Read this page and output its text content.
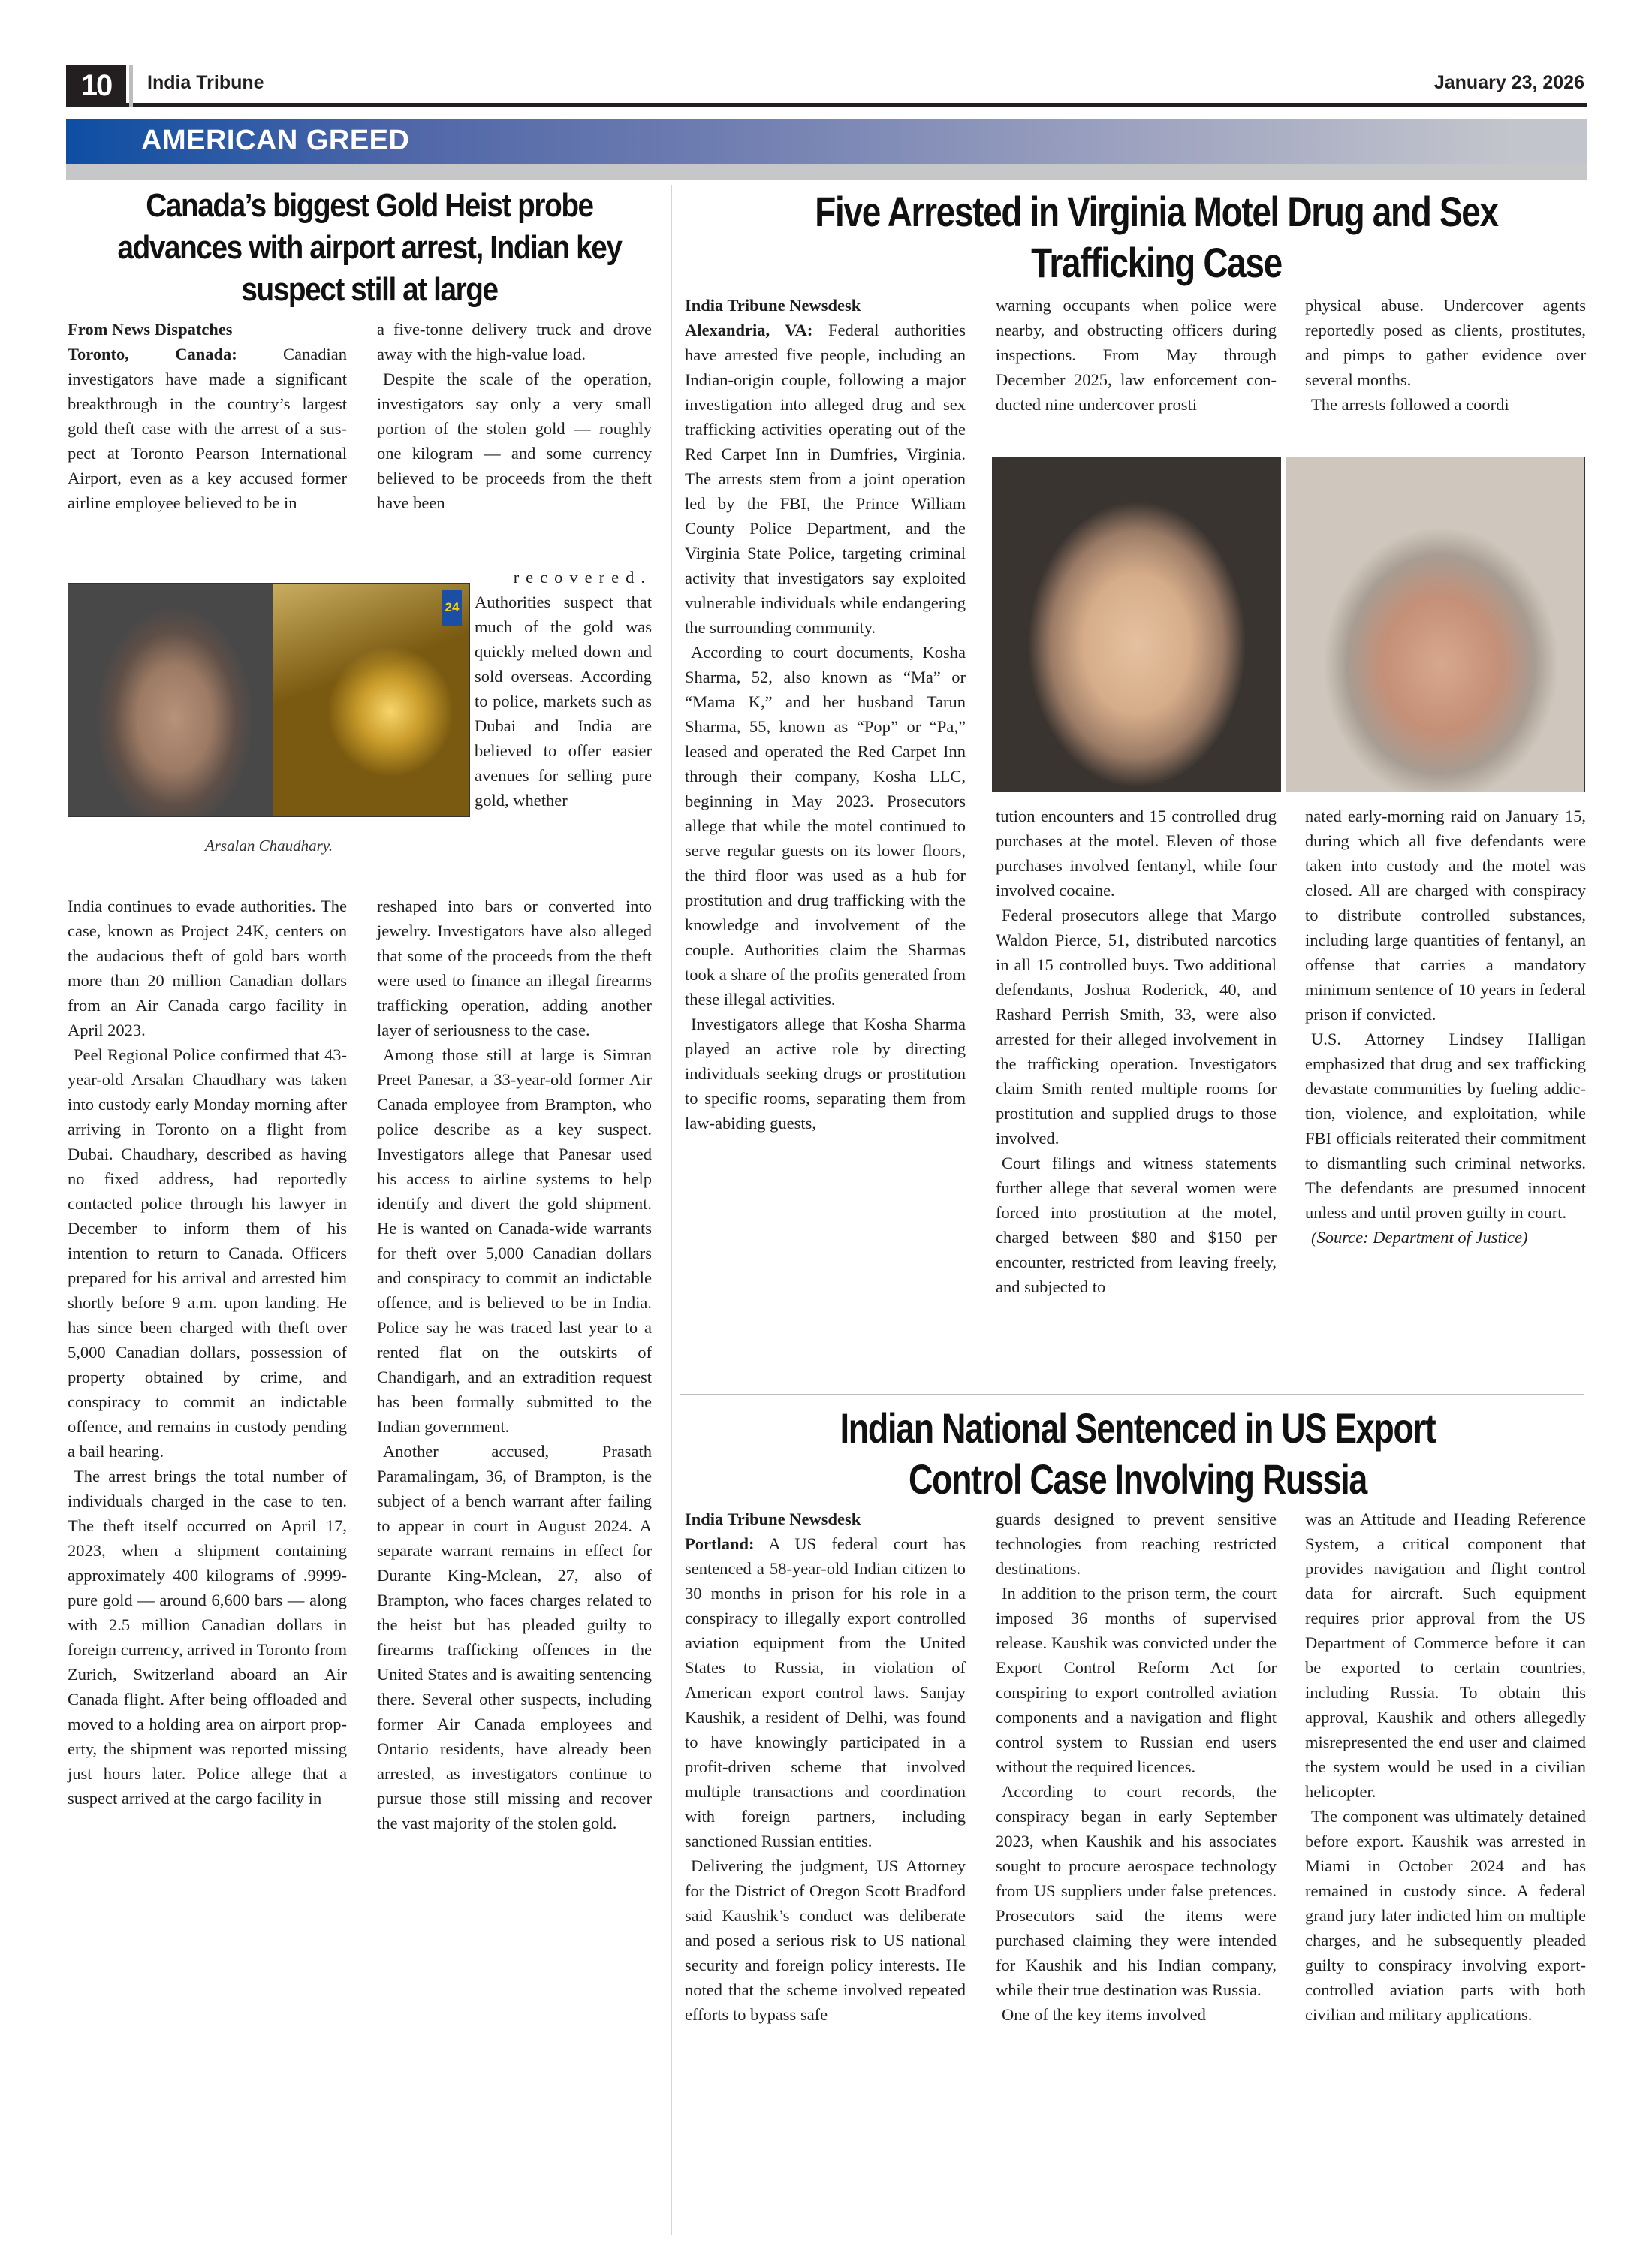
10	India Tribune	January 23, 2026
AMERICAN GREED
Canada’s biggest Gold Heist probe advances with airport arrest, Indian key suspect still at large
From News Dispatches

Toronto, Canada: Canadian investigators have made a significant breakthrough in the country’s largest gold theft case with the arrest of a suspect at Toronto Pearson International Airport, even as a key accused former airline employee believed to be in

a five-tonne delivery truck and drove away with the high-value load.

Despite the scale of the operation, investigators say only a very small portion of the stolen gold — roughly one kilogram — and some currency believed to be proceeds from the theft have been

recovered.
Authorities suspect that much of the gold was quickly melted down and sold overseas. According to police, markets such as Dubai and India are believed to offer easier avenues for selling pure gold, whether
24
Arsalan Chaudhary.

India continues to evade authorities. The case, known as Project 24K, centers on the audacious theft of gold bars worth more than 20 million Canadian dollars from an Air Canada cargo facility in April 2023.

Peel Regional Police confirmed that 43-year-old Arsalan Chaudhary was taken into custody early Monday morning after arriving in Toronto on a flight from Dubai. Chaudhary, described as having no fixed address, had reportedly contacted police through his lawyer in December to inform them of his intention to return to Canada. Officers prepared for his arrival and arrested him shortly before 9 a.m. upon landing. He has since been charged with theft over 5,000 Canadian dollars, possession of property obtained by crime, and conspiracy to commit an indictable offence, and remains in custody pending a bail hearing.

The arrest brings the total number of individuals charged in the case to ten. The theft itself occurred on April 17, 2023, when a shipment containing approximately 400 kilograms of .9999-pure gold — around 6,600 bars — along with 2.5 million Canadian dollars in foreign currency, arrived in Toronto from Zurich, Switzerland aboard an Air Canada flight. After being offloaded and moved to a holding area on airport property, the shipment was reported missing just hours later. Police allege that a suspect arrived at the cargo facility in

reshaped into bars or converted into jewelry. Investigators have also alleged that some of the proceeds from the theft were used to finance an illegal firearms trafficking operation, adding another layer of seriousness to the case.

Among those still at large is Simran Preet Panesar, a 33-year-old former Air Canada employee from Brampton, who police describe as a key suspect. Investigators allege that Panesar used his access to airline systems to help identify and divert the gold shipment. He is wanted on Canada-wide warrants for theft over 5,000 Canadian dollars and conspiracy to commit an indictable offence, and is believed to be in India. Police say he was traced last year to a rented flat on the outskirts of Chandigarh, and an extradition request has been formally submitted to the Indian government.

Another accused, Prasath Paramalingam, 36, of Brampton, is the subject of a bench warrant after failing to appear in court in August 2024. A separate warrant remains in effect for Durante King-Mclean, 27, also of Brampton, who faces charges related to the heist but has pleaded guilty to firearms trafficking offences in the United States and is awaiting sentencing there. Several other suspects, including former Air Canada employees and Ontario residents, have already been arrested, as investigators continue to pursue those still missing and recover the vast majority of the stolen gold.

Five Arrested in Virginia Motel Drug and Sex Trafficking Case
India Tribune Newsdesk

Alexandria, VA: Federal authorities have arrested five people, including an Indian-origin couple, following a major investigation into alleged drug and sex trafficking activities operating out of the Red Carpet Inn in Dumfries, Virginia. The arrests stem from a joint operation led by the FBI, the Prince William County Police Department, and the Virginia State Police, targeting criminal activity that investigators say exploited vulnerable individuals while endangering the surrounding community.

According to court documents, Kosha Sharma, 52, also known as “Ma” or “Mama K,” and her husband Tarun Sharma, 55, known as “Pop” or “Pa,” leased and operated the Red Carpet Inn through their company, Kosha LLC, beginning in May 2023. Prosecutors allege that while the motel continued to serve regular guests on its lower floors, the third floor was used as a hub for prostitution and drug trafficking with the knowledge and involvement of the couple. Authorities claim the Sharmas took a share of the profits generated from these illegal activities.

Investigators allege that Kosha Sharma played an active role by directing individuals seeking drugs or prostitution to specific rooms, separating them from law-abiding guests,

warning occupants when police were nearby, and obstructing officers during inspections. From May through December 2025, law enforcement conducted nine undercover prosti

physical abuse. Undercover agents reportedly posed as clients, prostitutes, and pimps to gather evidence over several months.

The arrests followed a coordi

tution encounters and 15 controlled drug purchases at the motel. Eleven of those purchases involved fentanyl, while four involved cocaine.

Federal prosecutors allege that Margo Waldon Pierce, 51, distributed narcotics in all 15 controlled buys. Two additional defendants, Joshua Roderick, 40, and Rashard Perrish Smith, 33, were also arrested for their alleged involvement in the trafficking operation. Investigators claim Smith rented multiple rooms for prostitution and supplied drugs to those involved.

Court filings and witness statements further allege that several women were forced into prostitution at the motel, charged between $80 and $150 per encounter, restricted from leaving freely, and subjected to

nated early-morning raid on January 15, during which all five defendants were taken into custody and the motel was closed. All are charged with conspiracy to distribute controlled substances, including large quantities of fentanyl, an offense that carries a mandatory minimum sentence of 10 years in federal prison if convicted.

U.S. Attorney Lindsey Halligan emphasized that drug and sex trafficking devastate communities by fueling addiction, violence, and exploitation, while FBI officials reiterated their commitment to dismantling such criminal networks. The defendants are presumed innocent unless and until proven guilty in court.

(Source: Department of Justice)

Indian National Sentenced in US Export Control Case Involving Russia
India Tribune Newsdesk

Portland: A US federal court has sentenced a 58-year-old Indian citizen to 30 months in prison for his role in a conspiracy to illegally export controlled aviation equipment from the United States to Russia, in violation of American export control laws. Sanjay Kaushik, a resident of Delhi, was found to have knowingly participated in a profit-driven scheme that involved multiple transactions and coordination with foreign partners, including sanctioned Russian entities.

Delivering the judgment, US Attorney for the District of Oregon Scott Bradford said Kaushik’s conduct was deliberate and posed a serious risk to US national security and foreign policy interests. He noted that the scheme involved repeated efforts to bypass safe

guards designed to prevent sensitive technologies from reaching restricted destinations.

In addition to the prison term, the court imposed 36 months of supervised release. Kaushik was convicted under the Export Control Reform Act for conspiring to export controlled aviation components and a navigation and flight control system to Russian end users without the required licences.

According to court records, the conspiracy began in early September 2023, when Kaushik and his associates sought to procure aerospace technology from US suppliers under false pretences. Prosecutors said the items were purchased claiming they were intended for Kaushik and his Indian company, while their true destination was Russia.

One of the key items involved

was an Attitude and Heading Reference System, a critical component that provides navigation and flight control data for aircraft. Such equipment requires prior approval from the US Department of Commerce before it can be exported to certain countries, including Russia. To obtain this approval, Kaushik and others allegedly misrepresented the end user and claimed the system would be used in a civilian helicopter.

The component was ultimately detained before export. Kaushik was arrested in Miami in October 2024 and has remained in custody since. A federal grand jury later indicted him on multiple charges, and he subsequently pleaded guilty to conspiracy involving export-controlled aviation parts with both civilian and military applications.
